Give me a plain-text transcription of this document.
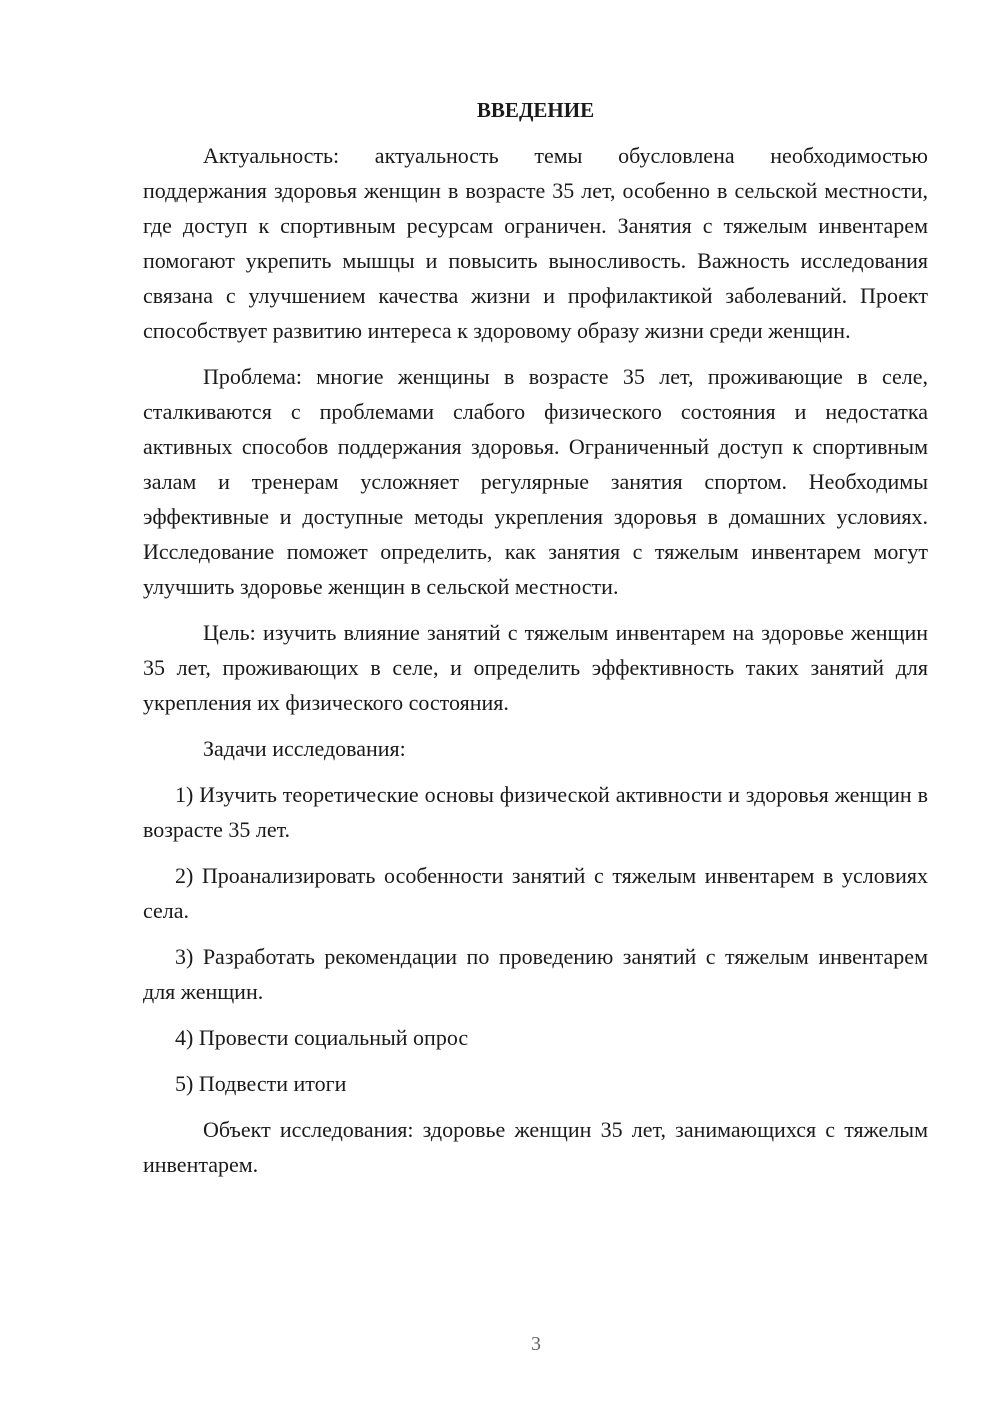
ВВЕДЕНИЕ

Актуальность: актуальность темы обусловлена необходимостью поддержания здоровья женщин в возрасте 35 лет, особенно в сельской местности, где доступ к спортивным ресурсам ограничен. Занятия с тяжелым инвентарем помогают укрепить мышцы и повысить выносливость. Важность исследования связана с улучшением качества жизни и профилактикой заболеваний. Проект способствует развитию интереса к здоровому образу жизни среди женщин.

Проблема: многие женщины в возрасте 35 лет, проживающие в селе, сталкиваются с проблемами слабого физического состояния и недостатка активных способов поддержания здоровья. Ограниченный доступ к спортивным залам и тренерам усложняет регулярные занятия спортом. Необходимы эффективные и доступные методы укрепления здоровья в домашних условиях. Исследование поможет определить, как занятия с тяжелым инвентарем могут улучшить здоровье женщин в сельской местности.

Цель: изучить влияние занятий с тяжелым инвентарем на здоровье женщин 35 лет, проживающих в селе, и определить эффективность таких занятий для укрепления их физического состояния.

Задачи исследования:

1) Изучить теоретические основы физической активности и здоровья женщин в возрасте 35 лет.

2) Проанализировать особенности занятий с тяжелым инвентарем в условиях села.

3) Разработать рекомендации по проведению занятий с тяжелым инвентарем для женщин.

4) Провести социальный опрос

5) Подвести итоги

Объект исследования: здоровье женщин 35 лет, занимающихся с тяжелым инвентарем.

3
